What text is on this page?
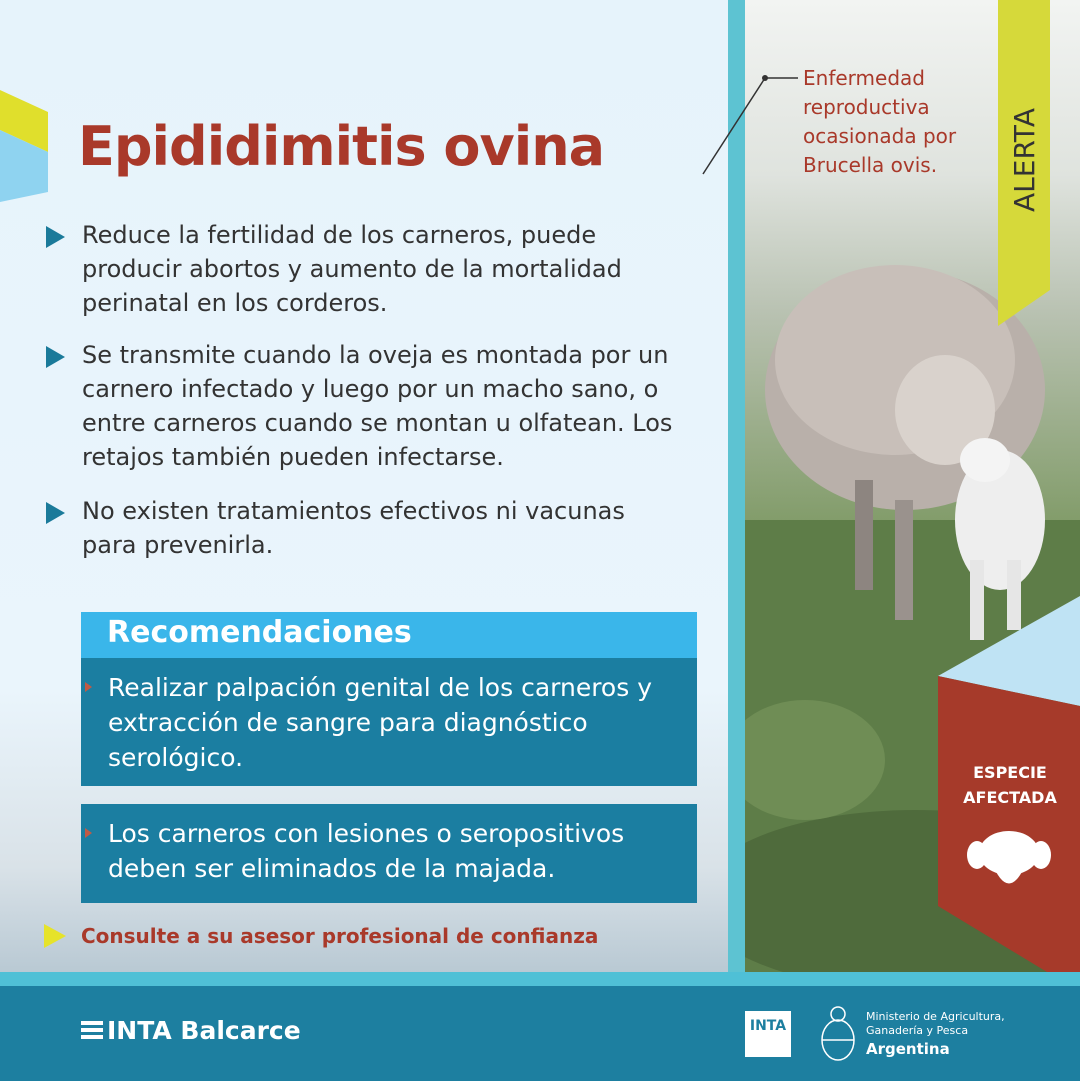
Epididimitis ovina
Enfermedad reproductiva ocasionada por Brucella ovis.	ALERTA
Reduce la fertilidad de los carneros, puede producir abortos y aumento de la mortalidad perinatal en los corderos.
Se transmite cuando la oveja es montada por un carnero infectado y luego por un macho sano, o entre carneros cuando se montan u olfatean. Los retajos también pueden infectarse.
No existen tratamientos efectivos ni vacunas para prevenirla.
Recomendaciones
Realizar palpación genital de los carneros y extracción de sangre para diagnóstico serológico.
Los carneros con lesiones o seropositivos deben ser eliminados de la majada.
Consulte a su asesor profesional de confianza
ESPECIE
AFECTADA
INTA Balcarce	INTA
Ministerio de Agricultura,
Ganadería y Pesca
Argentina
